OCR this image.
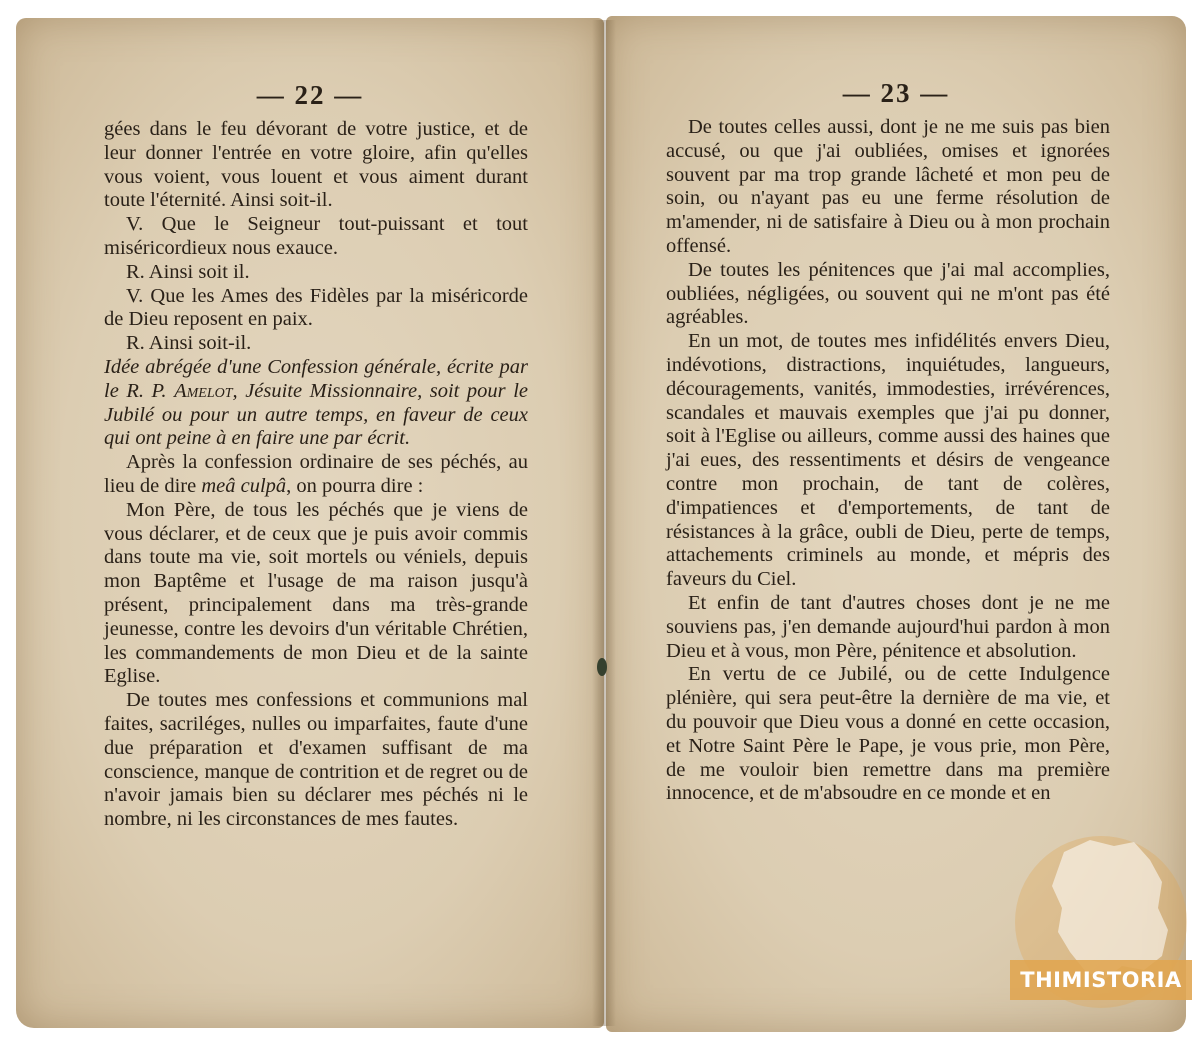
— 22 —

gées dans le feu dévorant de votre justice, et de leur donner l'entrée en votre gloire, afin qu'elles vous voient, vous louent et vous aiment durant toute l'éternité. Ainsi soit-il.

V. Que le Seigneur tout-puissant et tout miséricordieux nous exauce.

R. Ainsi soit il.

V. Que les Ames des Fidèles par la miséricorde de Dieu reposent en paix.

R. Ainsi soit-il.

Idée abrégée d'une Confession générale, écrite par le R. P. Amelot, Jésuite Missionnaire, soit pour le Jubilé ou pour un autre temps, en faveur de ceux qui ont peine à en faire une par écrit.

Après la confession ordinaire de ses péchés, au lieu de dire meâ culpâ, on pourra dire :

Mon Père, de tous les péchés que je viens de vous déclarer, et de ceux que je puis avoir commis dans toute ma vie, soit mortels ou véniels, depuis mon Baptême et l'usage de ma raison jusqu'à présent, principalement dans ma très-grande jeunesse, contre les devoirs d'un véritable Chrétien, les commandements de mon Dieu et de la sainte Eglise.

De toutes mes confessions et communions mal faites, sacriléges, nulles ou imparfaites, faute d'une due préparation et d'examen suffisant de ma conscience, manque de contrition et de regret ou de n'avoir jamais bien su déclarer mes péchés ni le nombre, ni les circonstances de mes fautes.

— 23 —

De toutes celles aussi, dont je ne me suis pas bien accusé, ou que j'ai oubliées, omises et ignorées souvent par ma trop grande lâcheté et mon peu de soin, ou n'ayant pas eu une ferme résolution de m'amender, ni de satisfaire à Dieu ou à mon prochain offensé.

De toutes les pénitences que j'ai mal accomplies, oubliées, négligées, ou souvent qui ne m'ont pas été agréables.

En un mot, de toutes mes infidélités envers Dieu, indévotions, distractions, inquiétudes, langueurs, découragements, vanités, immodesties, irrévérences, scandales et mauvais exemples que j'ai pu donner, soit à l'Eglise ou ailleurs, comme aussi des haines que j'ai eues, des ressentiments et désirs de vengeance contre mon prochain, de tant de colères, d'impatiences et d'emportements, de tant de résistances à la grâce, oubli de Dieu, perte de temps, attachements criminels au monde, et mépris des faveurs du Ciel.

Et enfin de tant d'autres choses dont je ne me souviens pas, j'en demande aujourd'hui pardon à mon Dieu et à vous, mon Père, pénitence et absolution.

En vertu de ce Jubilé, ou de cette Indulgence plénière, qui sera peut-être la dernière de ma vie, et du pouvoir que Dieu vous a donné en cette occasion, et Notre Saint Père le Pape, je vous prie, mon Père, de me vouloir bien remettre dans ma première innocence, et de m'absoudre en ce monde et en

THIMISTORIA
